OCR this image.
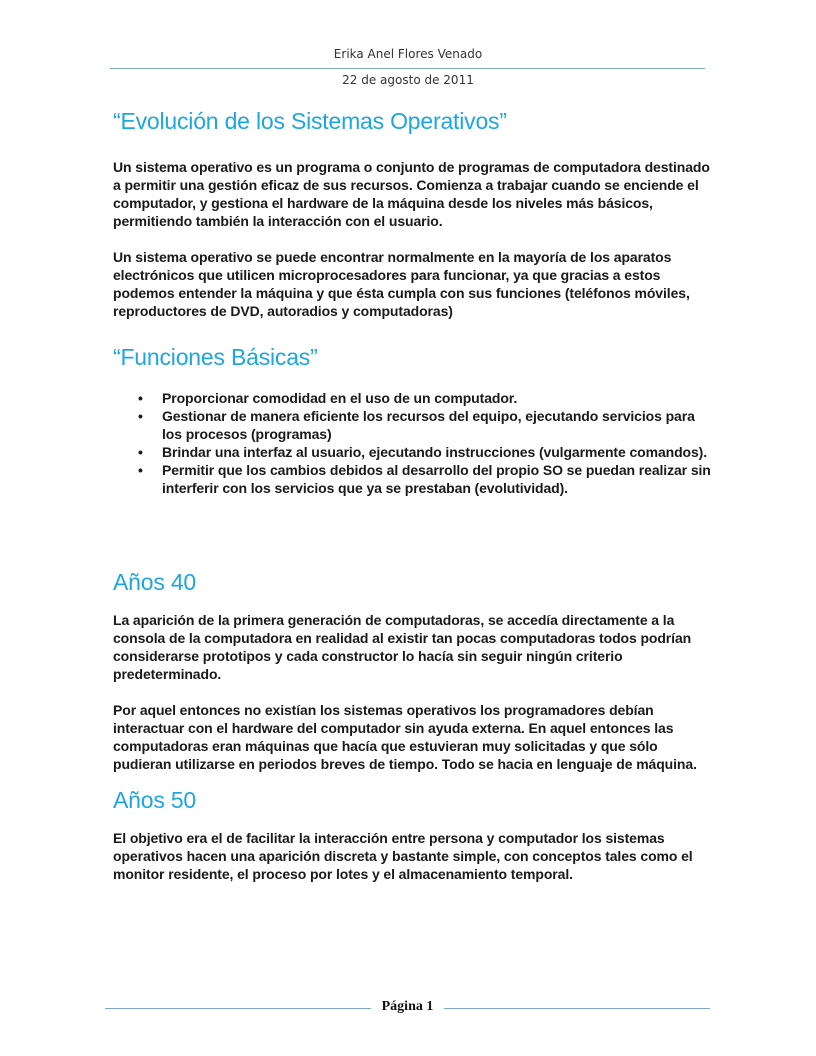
Erika Anel Flores Venado
22 de agosto de 2011
“Evolución de los Sistemas Operativos”

Un sistema operativo es un programa o conjunto de programas de computadora destinado a permitir una gestión eficaz de sus recursos. Comienza a trabajar cuando se enciende el computador, y gestiona el hardware de la máquina desde los niveles más básicos, permitiendo también la interacción con el usuario.

Un sistema operativo se puede encontrar normalmente en la mayoría de los aparatos electrónicos que utilicen microprocesadores para funcionar, ya que gracias a estos podemos entender la máquina y que ésta cumpla con sus funciones (teléfonos móviles, reproductores de DVD, autoradios y computadoras)

“Funciones Básicas”
• Proporcionar comodidad en el uso de un computador.
• Gestionar de manera eficiente los recursos del equipo, ejecutando servicios para los procesos (programas)
• Brindar una interfaz al usuario, ejecutando instrucciones (vulgarmente comandos).
• Permitir que los cambios debidos al desarrollo del propio SO se puedan realizar sin interferir con los servicios que ya se prestaban (evolutividad).
Años 40

La aparición de la primera generación de computadoras, se accedía directamente a la consola de la computadora en realidad al existir tan pocas computadoras todos podrían considerarse prototipos y cada constructor lo hacía sin seguir ningún criterio predeterminado.

Por aquel entonces no existían los sistemas operativos los programadores debían interactuar con el hardware del computador sin ayuda externa. En aquel entonces las computadoras eran máquinas que hacía que estuvieran muy solicitadas y que sólo pudieran utilizarse en periodos breves de tiempo. Todo se hacia en lenguaje de máquina.

Años 50

El objetivo era el de facilitar la interacción entre persona y computador los sistemas operativos hacen una aparición discreta y bastante simple, con conceptos tales como el monitor residente, el proceso por lotes y el almacenamiento temporal.

Página 1
